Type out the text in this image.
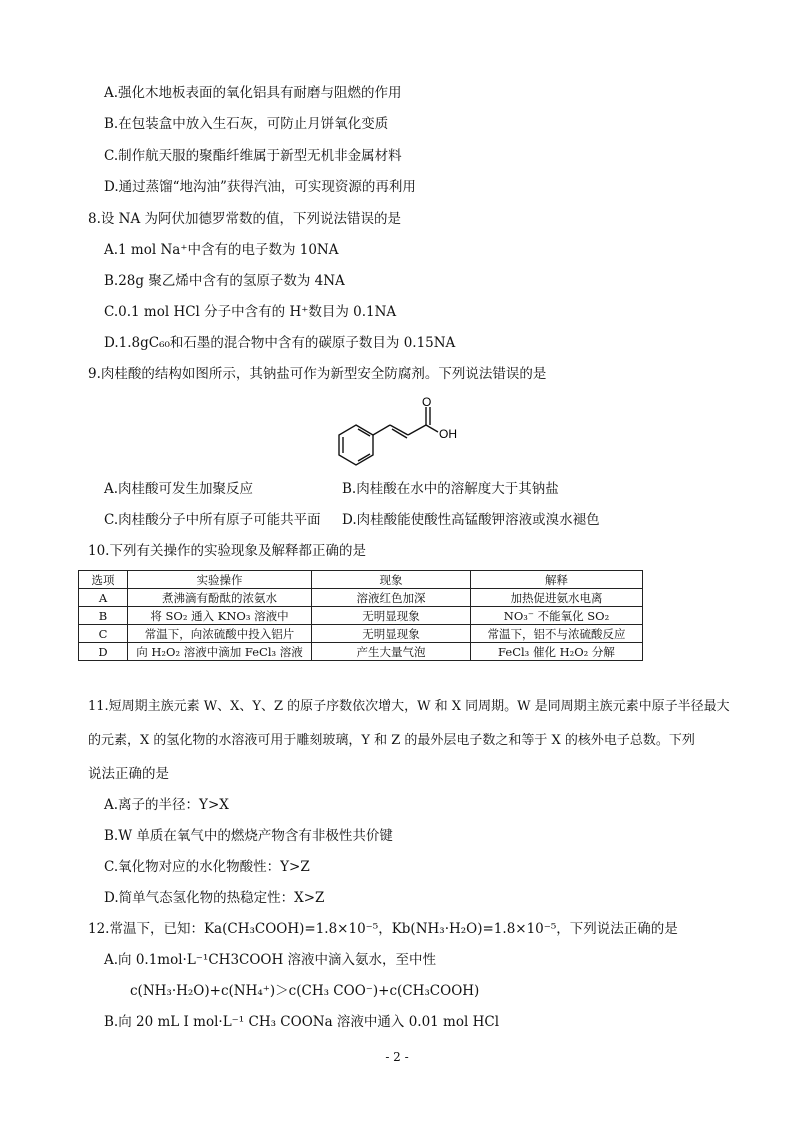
A.强化木地板表面的氧化铝具有耐磨与阻燃的作用
B.在包装盒中放入生石灰，可防止月饼氧化变质
C.制作航天服的聚酯纤维属于新型无机非金属材料
D.通过蒸馏“地沟油”获得汽油，可实现资源的再利用
8.设 NA 为阿伏加德罗常数的值，下列说法错误的是
A.1 mol Na⁺中含有的电子数为 10NA
B.28g 聚乙烯中含有的氢原子数为 4NA
C.0.1 mol HCl 分子中含有的 H⁺数目为 0.1NA
D.1.8gC₆₀和石墨的混合物中含有的碳原子数目为 0.15NA
9.肉桂酸的结构如图所示，其钠盐可作为新型安全防腐剂。下列说法错误的是
O
OH
A.肉桂酸可发生加聚反应	B.肉桂酸在水中的溶解度大于其钠盐
C.肉桂酸分子中所有原子可能共平面 D.肉桂酸能使酸性高锰酸钾溶液或溴水褪色
10.下列有关操作的实验现象及解释都正确的是
选项	实验操作	现象	解释
A	煮沸滴有酚酞的浓氨水	溶液红色加深	加热促进氨水电离
B	将 SO₂ 通入 KNO₃ 溶液中	无明显现象	NO₃⁻ 不能氧化 SO₂
C	常温下，向浓硫酸中投入铝片	无明显现象	常温下，铝不与浓硫酸反应
D	向 H₂O₂ 溶液中滴加 FeCl₃ 溶液	产生大量气泡	FeCl₃ 催化 H₂O₂ 分解
11.短周期主族元素 W、X、Y、Z 的原子序数依次增大，W 和 X 同周期。W 是同周期主族元素中原子半径最大
的元素，X 的氢化物的水溶液可用于雕刻玻璃，Y 和 Z 的最外层电子数之和等于 X 的核外电子总数。下列
说法正确的是
A.离子的半径：Y>X
B.W 单质在氧气中的燃烧产物含有非极性共价键
C.氧化物对应的水化物酸性：Y>Z
D.简单气态氢化物的热稳定性：X>Z
12.常温下，已知：Ka(CH₃COOH)=1.8×10⁻⁵，Kb(NH₃·H₂O)=1.8×10⁻⁵，下列说法正确的是
A.向 0.1mol·L⁻¹CH3COOH 溶液中滴入氨水，至中性
c(NH₃·H₂O)+c(NH₄⁺)＞c(CH₃ COO⁻)+c(CH₃COOH)
B.向 20 mL I mol·L⁻¹ CH₃ COONa 溶液中通入 0.01 mol HCl
- 2 -
